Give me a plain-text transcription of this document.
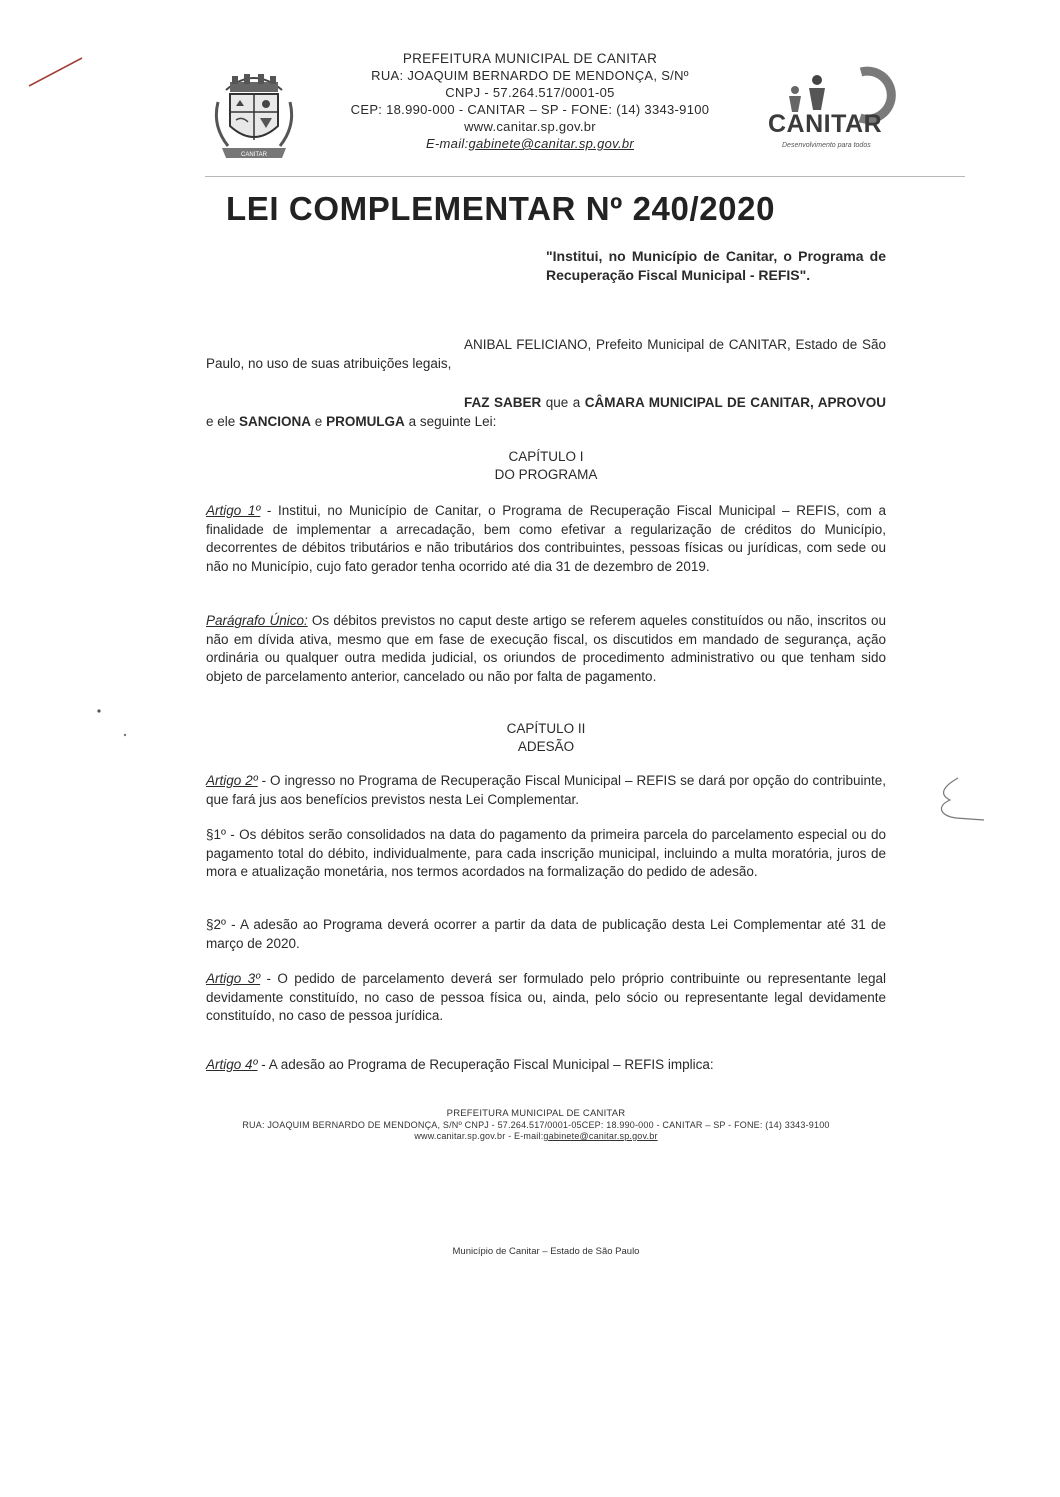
CANITAR
PREFEITURA MUNICIPAL DE CANITAR
RUA: JOAQUIM BERNARDO DE MENDONÇA, S/Nº
CNPJ - 57.264.517/0001-05
CEP: 18.990-000 - CANITAR – SP - FONE: (14) 3343-9100
www.canitar.sp.gov.br
E-mail:gabinete@canitar.sp.gov.br
CANITAR
Desenvolvimento para todos
LEI COMPLEMENTAR Nº 240/2020
"Institui, no Município de Canitar, o Programa de Recuperação Fiscal Municipal - REFIS".
ANIBAL FELICIANO, Prefeito Municipal de CANITAR, Estado de São Paulo, no uso de suas atribuições legais,
FAZ SABER que a CÂMARA MUNICIPAL DE CANITAR, APROVOU e ele SANCIONA e PROMULGA a seguinte Lei:
CAPÍTULO I
DO PROGRAMA
Artigo 1º - Institui, no Município de Canitar, o Programa de Recuperação Fiscal Municipal – REFIS, com a finalidade de implementar a arrecadação, bem como efetivar a regularização de créditos do Município, decorrentes de débitos tributários e não tributários dos contribuintes, pessoas físicas ou jurídicas, com sede ou não no Município, cujo fato gerador tenha ocorrido até dia 31 de dezembro de 2019.
Parágrafo Único: Os débitos previstos no caput deste artigo se referem aqueles constituídos ou não, inscritos ou não em dívida ativa, mesmo que em fase de execução fiscal, os discutidos em mandado de segurança, ação ordinária ou qualquer outra medida judicial, os oriundos de procedimento administrativo ou que tenham sido objeto de parcelamento anterior, cancelado ou não por falta de pagamento.
CAPÍTULO II
ADESÃO
Artigo 2º - O ingresso no Programa de Recuperação Fiscal Municipal – REFIS se dará por opção do contribuinte, que fará jus aos benefícios previstos nesta Lei Complementar.
§1º - Os débitos serão consolidados na data do pagamento da primeira parcela do parcelamento especial ou do pagamento total do débito, individualmente, para cada inscrição municipal, incluindo a multa moratória, juros de mora e atualização monetária, nos termos acordados na formalização do pedido de adesão.
§2º - A adesão ao Programa deverá ocorrer a partir da data de publicação desta Lei Complementar até 31 de março de 2020.
Artigo 3º - O pedido de parcelamento deverá ser formulado pelo próprio contribuinte ou representante legal devidamente constituído, no caso de pessoa física ou, ainda, pelo sócio ou representante legal devidamente constituído, no caso de pessoa jurídica.
Artigo 4º - A adesão ao Programa de Recuperação Fiscal Municipal – REFIS implica:
PREFEITURA MUNICIPAL DE CANITAR
RUA: JOAQUIM BERNARDO DE MENDONÇA, S/Nº CNPJ - 57.264.517/0001-05CEP: 18.990-000 - CANITAR – SP - FONE: (14) 3343-9100
www.canitar.sp.gov.br - E-mail:gabinete@canitar.sp.gov.br
Município de Canitar – Estado de São Paulo
